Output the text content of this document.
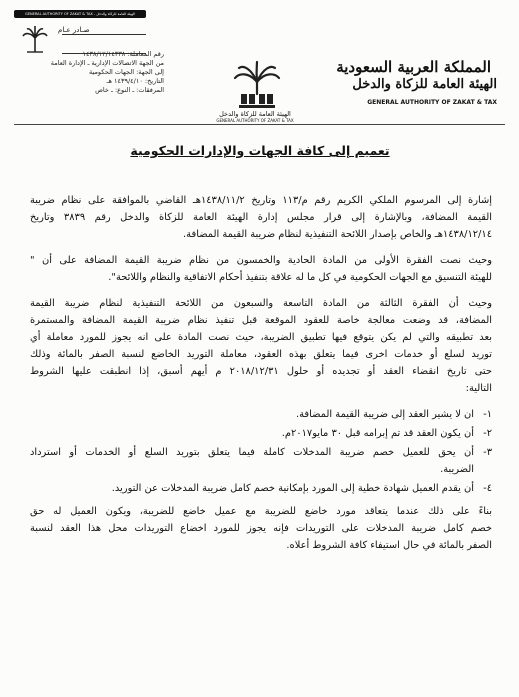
GENERAL AUTHORITY OF ZAKAT & TAX - الهيئة العامة للزكاة والدخل
صـادر عـام
رقم المعاملة: ١٤٣٨/١٢/١٤٣٣٨
من الجهة الاتصالات الإدارية ـ الإدارة العامة
إلى الجهة: الجهات الحكومية
التاريخ: ١٤٣٩/٤/١٠ هـ
المرفقات: ـ النوع: ـ خاص
الهيئة العامة للزكاة والدخل
GENERAL AUTHORITY OF ZAKAT & TAX
المملكة العربية السعودية
الهيئة العامة للزكاة والدخل
GENERAL AUTHORITY OF ZAKAT & TAX
تعميم إلى كافة الجهات والإدارات الحكومية

إشارة إلى المرسوم الملكي الكريم رقم م/١١٣ وتاريخ ١٤٣٨/١١/٢هـ القاضي بالموافقة على نظام ضريبة
القيمة المضافة، وبالإشارة إلى قرار مجلس إدارة الهيئة العامة للزكاة والدخل رقم ٣٨٣٩ وتاريخ
١٤٣٨/١٢/١٤هـ والخاص بإصدار اللائحة التنفيذية لنظام ضريبة القيمة المضافة.

وحيث نصت الفقرة الأولى من المادة الحادية والخمسون من نظام ضريبة القيمة المضافة على أن "
للهيئة التنسيق مع الجهات الحكومية في كل ما له علاقة بتنفيذ أحكام الاتفاقية والنظام واللائحة".

وحيث أن الفقرة الثالثة من المادة التاسعة والسبعون من اللائحة التنفيذية لنظام ضريبة القيمة
المضافة، قد وضعت معالجة خاصة للعقود الموقعة قبل تنفيذ نظام ضريبة القيمة المضافة والمستمرة
بعد تطبيقه والتي لم يكن يتوقع فيها تطبيق الضريبة، حيث نصت المادة على انه يجوز للمورد معاملة أي
توريد لسلع أو خدمات اخرى فيما يتعلق بهذه العقود، معاملة التوريد الخاضع لنسبة الصفر بالمائة وذلك
حتى تاريخ انقضاء العقد أو تجديده أو حلول ٢٠١٨/١٢/٣١ م أيهم أسبق، إذا انطبقت عليها الشروط
التالية:

١-
ان لا يشير العقد إلى ضريبة القيمة المضافة.
٢-
أن يكون العقد قد تم إبرامه قبل ٣٠ مايو٢٠١٧م.
٣-
أن يحق للعميل خصم ضريبة المدخلات كاملة فيما يتعلق بتوريد السلع أو الخدمات أو استرداد
الضريبة.
٤-
أن يقدم العميل شهادة خطية إلى المورد بإمكانية خصم كامل ضريبة المدخلات عن التوريد.

بناءً على ذلك عندما يتعاقد مورد خاضع للضريبة مع عميل خاضع للضريبة، ويكون العميل له حق
خصم كامل ضريبة المدخلات على التوريدات فإنه يجوز للمورد اخضاع التوريدات محل هذا العقد لنسبة
الصفر بالمائة في حال استيفاء كافة الشروط أعلاه.
